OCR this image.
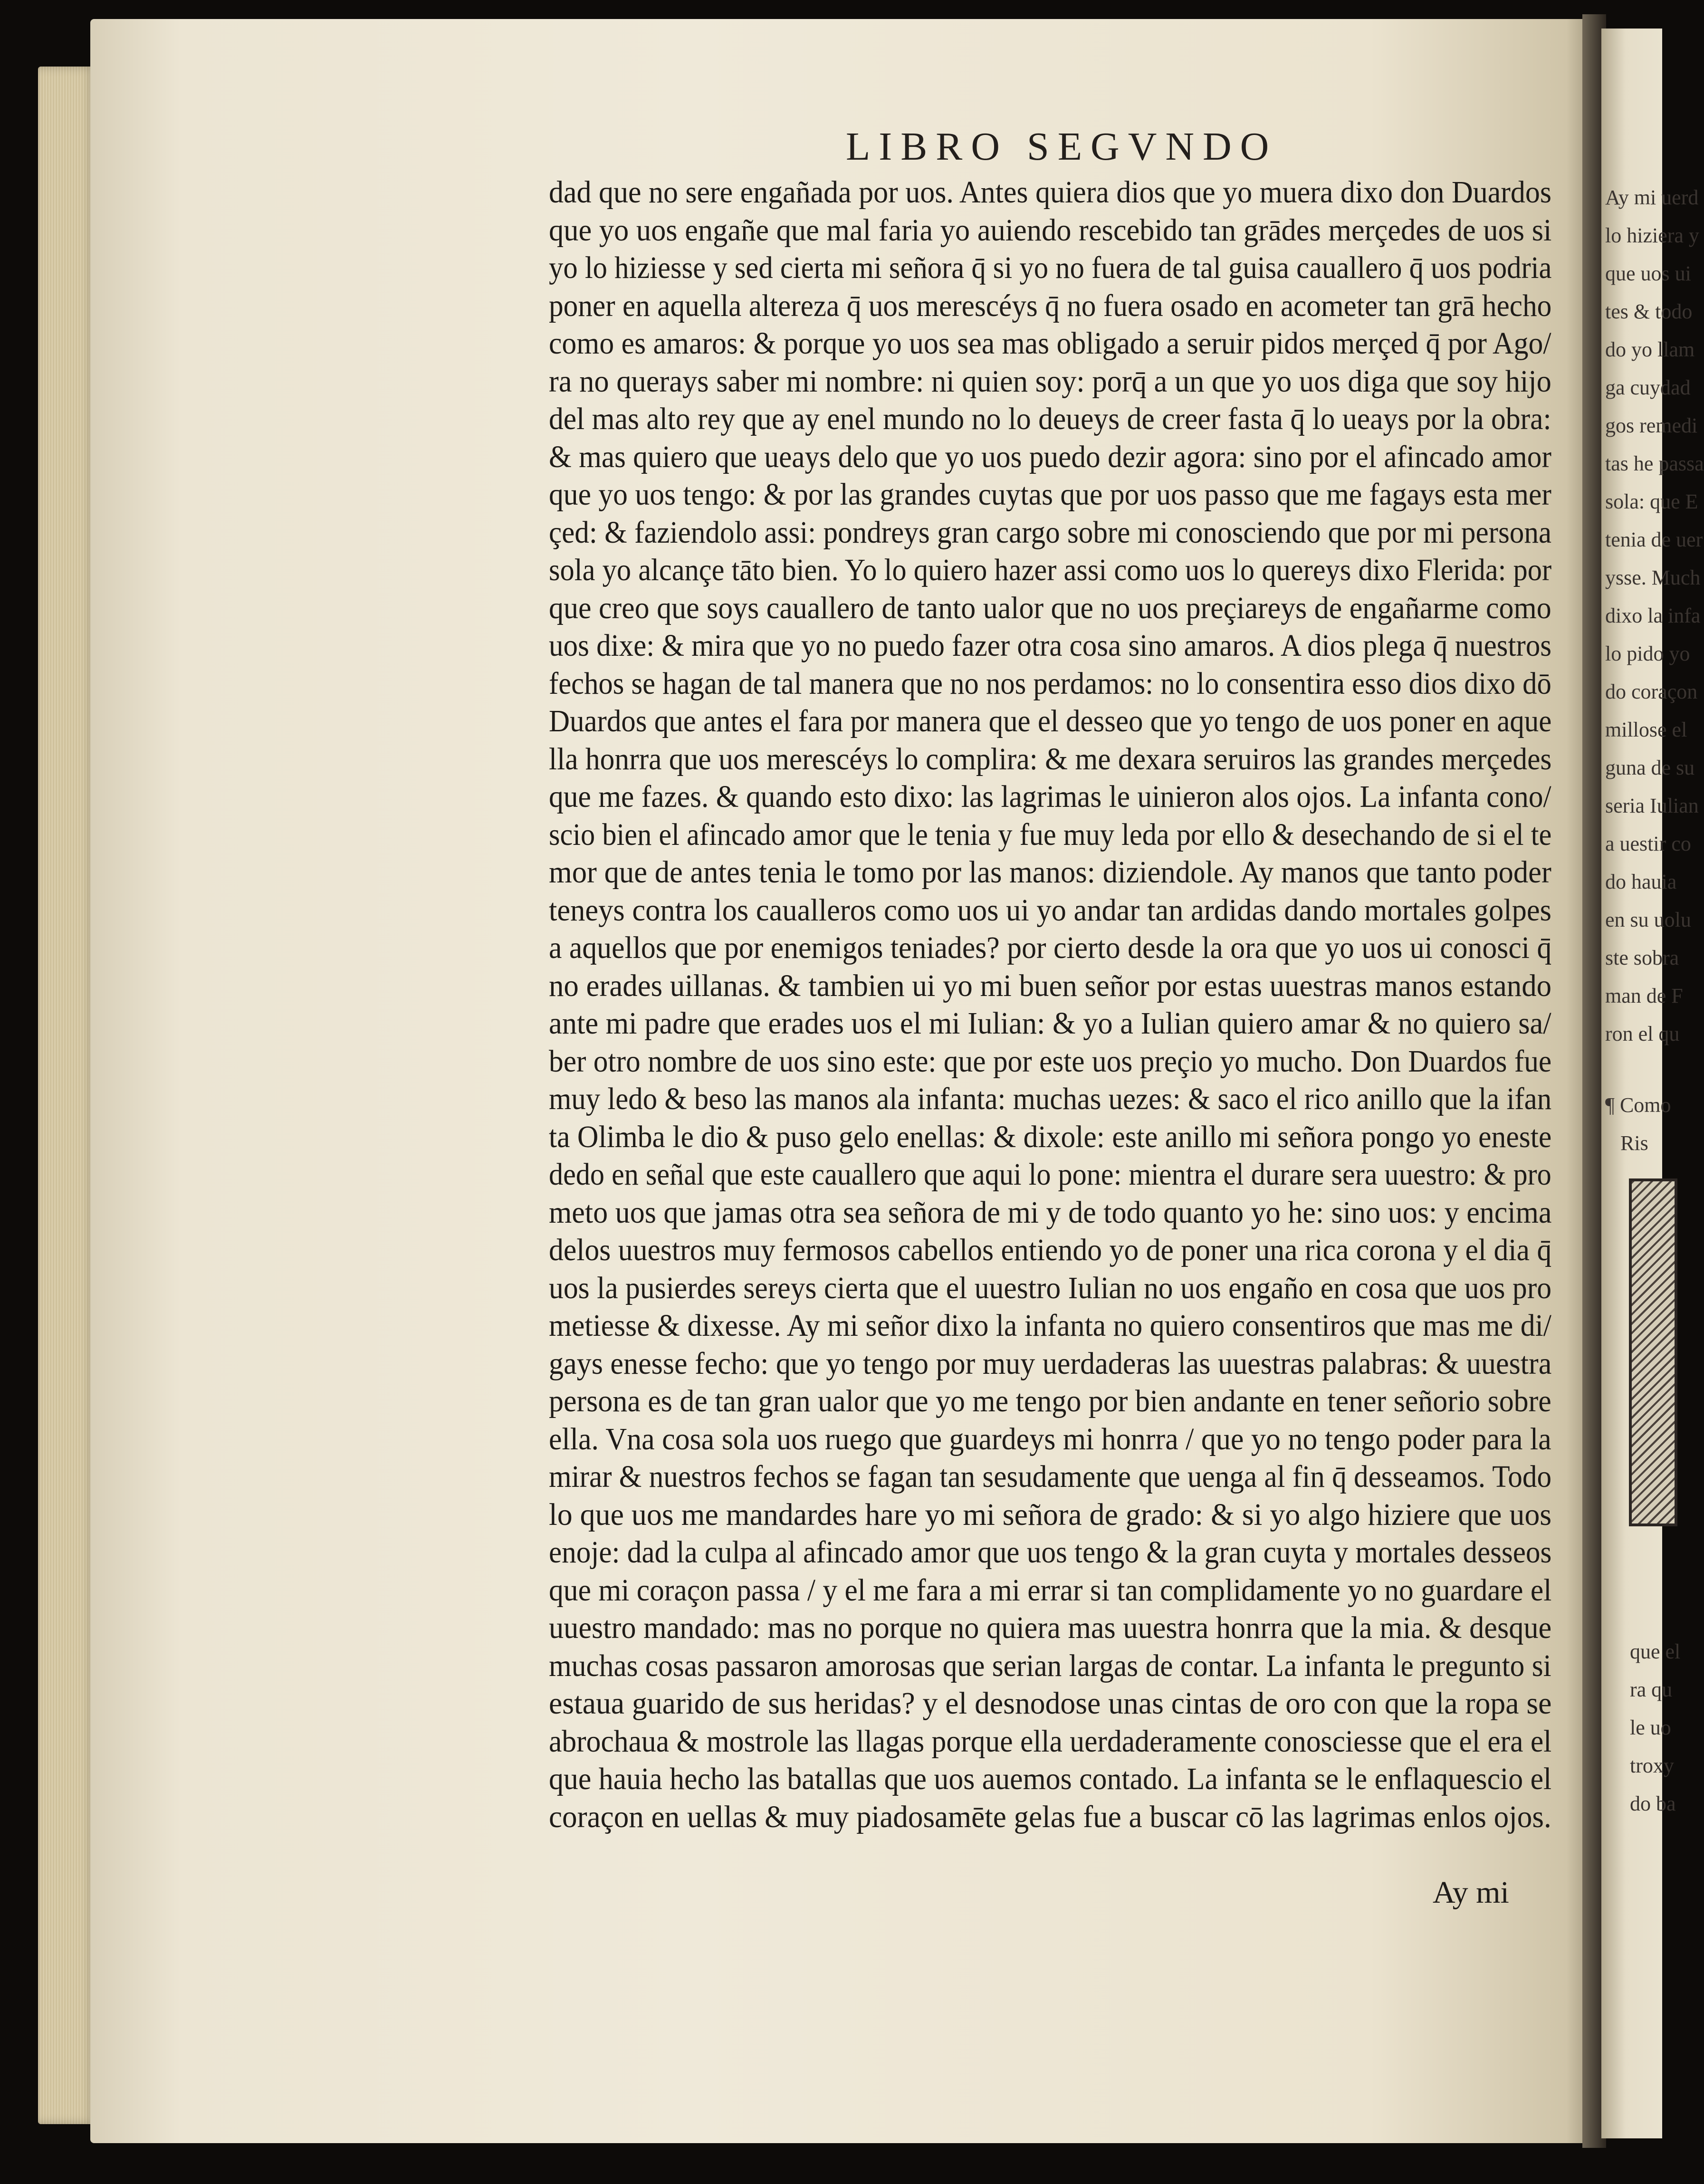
Ay mi uerd
lo hiziera y
que uos ui
tes & todo
do yo llam
ga cuydad
gos remedi
tas he passa
sola: que E
tenia de uer
ysse. Much
dixo la infa
lo pido yo
do coraçon
millose el
guna de su
seria Iulian
a uestir co
do hauia
en su uolu
ste sobra
man de F
ron el qu
¶ Como
Ris
que el
ra qu
le uo
troxy
do ba
LIBRO SEGVNDO
dad que no sere engañada por uos. Antes quiera dios que yo muera dixo don Duardos
que yo uos engañe que mal faria yo auiendo rescebido tan grādes merçedes de uos si
yo lo hiziesse y sed cierta mi señora q̄ si yo no fuera de tal guisa cauallero q̄ uos podria
poner en aquella altereza q̄ uos merescéys q̄ no fuera osado en acometer tan grā hecho
como es amaros: & porque yo uos sea mas obligado a seruir pidos merçed q̄ por Ago/
ra no querays saber mi nombre: ni quien soy: porq̄ a un que yo uos diga que soy hijo
del mas alto rey que ay enel mundo no lo deueys de creer fasta q̄ lo ueays por la obra:
& mas quiero que ueays delo que yo uos puedo dezir agora: sino por el afincado amor
que yo uos tengo: & por las grandes cuytas que por uos passo que me fagays esta mer
çed: & faziendolo assi: pondreys gran cargo sobre mi conosciendo que por mi persona
sola yo alcançe tāto bien. Yo lo quiero hazer assi como uos lo quereys dixo Flerida: por
que creo que soys cauallero de tanto ualor que no uos preçiareys de engañarme como
uos dixe: & mira que yo no puedo fazer otra cosa sino amaros. A dios plega q̄ nuestros
fechos se hagan de tal manera que no nos perdamos: no lo consentira esso dios dixo dō
Duardos que antes el fara por manera que el desseo que yo tengo de uos poner en aque
lla honrra que uos merescéys lo complira: & me dexara seruiros las grandes merçedes
que me fazes. & quando esto dixo: las lagrimas le uinieron alos ojos. La infanta cono/
scio bien el afincado amor que le tenia y fue muy leda por ello & desechando de si el te
mor que de antes tenia le tomo por las manos: diziendole. Ay manos que tanto poder
teneys contra los caualleros como uos ui yo andar tan ardidas dando mortales golpes
a aquellos que por enemigos teniades? por cierto desde la ora que yo uos ui conosci q̄
no erades uillanas. & tambien ui yo mi buen señor por estas uuestras manos estando
ante mi padre que erades uos el mi Iulian: & yo a Iulian quiero amar & no quiero sa/
ber otro nombre de uos sino este: que por este uos preçio yo mucho. Don Duardos fue
muy ledo & beso las manos ala infanta: muchas uezes: & saco el rico anillo que la ifan
ta Olimba le dio & puso gelo enellas: & dixole: este anillo mi señora pongo yo eneste
dedo en señal que este cauallero que aqui lo pone: mientra el durare sera uuestro: & pro
meto uos que jamas otra sea señora de mi y de todo quanto yo he: sino uos: y encima
delos uuestros muy fermosos cabellos entiendo yo de poner una rica corona y el dia q̄
uos la pusierdes sereys cierta que el uuestro Iulian no uos engaño en cosa que uos pro
metiesse & dixesse. Ay mi señor dixo la infanta no quiero consentiros que mas me di/
gays enesse fecho: que yo tengo por muy uerdaderas las uuestras palabras: & uuestra
persona es de tan gran ualor que yo me tengo por bien andante en tener señorio sobre
ella. Vna cosa sola uos ruego que guardeys mi honrra / que yo no tengo poder para la
mirar & nuestros fechos se fagan tan sesudamente que uenga al fin q̄ desseamos. Todo
lo que uos me mandardes hare yo mi señora de grado: & si yo algo hiziere que uos
enoje: dad la culpa al afincado amor que uos tengo & la gran cuyta y mortales desseos
que mi coraçon passa / y el me fara a mi errar si tan complidamente yo no guardare el
uuestro mandado: mas no porque no quiera mas uuestra honrra que la mia. & desque
muchas cosas passaron amorosas que serian largas de contar. La infanta le pregunto si
estaua guarido de sus heridas? y el desnodose unas cintas de oro con que la ropa se
abrochaua & mostrole las llagas porque ella uerdaderamente conosciesse que el era el
que hauia hecho las batallas que uos auemos contado. La infanta se le enflaquescio el
coraçon en uellas & muy piadosamēte gelas fue a buscar cō las lagrimas enlos ojos.
Ay mi
